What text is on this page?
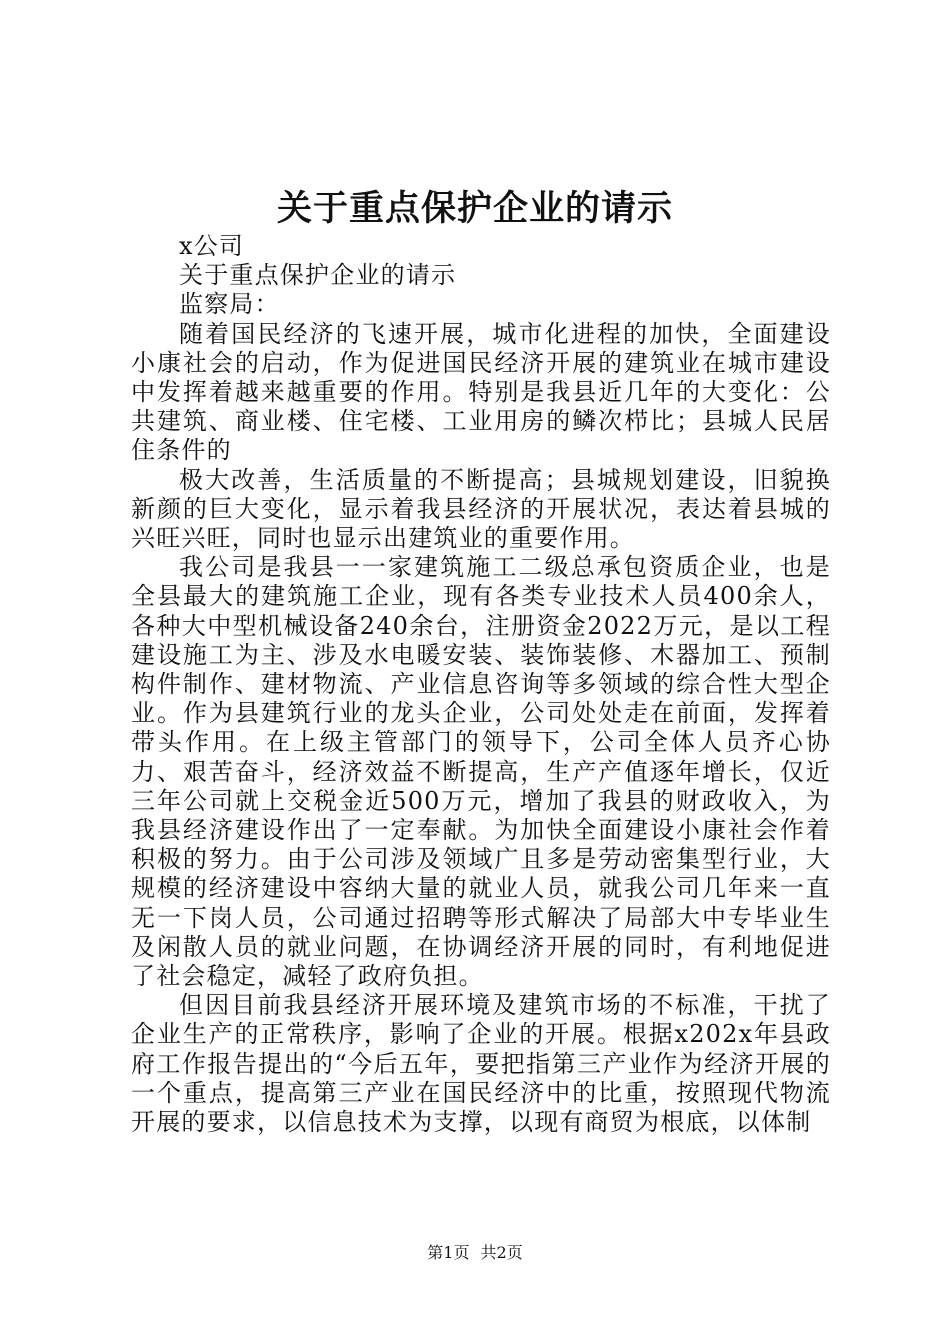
关于重点保护企业的请示

x公司

关于重点保护企业的请示

监察局：

随着国民经济的飞速开展，城市化进程的加快，全面建设小康社会的启动，作为促进国民经济开展的建筑业在城市建设中发挥着越来越重要的作用。特别是我县近几年的大变化：公共建筑、商业楼、住宅楼、工业用房的鳞次栉比；县城人民居住条件的

极大改善，生活质量的不断提高；县城规划建设，旧貌换新颜的巨大变化，显示着我县经济的开展状况，表达着县城的兴旺兴旺，同时也显示出建筑业的重要作用。

我公司是我县一一家建筑施工二级总承包资质企业，也是全县最大的建筑施工企业，现有各类专业技术人员400余人，各种大中型机械设备240余台，注册资金2022万元，是以工程建设施工为主、涉及水电暖安装、装饰装修、木器加工、预制构件制作、建材物流、产业信息咨询等多领域的综合性大型企业。作为县建筑行业的龙头企业，公司处处走在前面，发挥着带头作用。在上级主管部门的领导下，公司全体人员齐心协力、艰苦奋斗，经济效益不断提高，生产产值逐年增长，仅近三年公司就上交税金近500万元，增加了我县的财政收入，为我县经济建设作出了一定奉献。为加快全面建设小康社会作着积极的努力。由于公司涉及领域广且多是劳动密集型行业，大规模的经济建设中容纳大量的就业人员，就我公司几年来一直无一下岗人员，公司通过招聘等形式解决了局部大中专毕业生及闲散人员的就业问题，在协调经济开展的同时，有利地促进了社会稳定，减轻了政府负担。

但因目前我县经济开展环境及建筑市场的不标准，干扰了企业生产的正常秩序，影响了企业的开展。根据x202x年县政府工作报告提出的“今后五年，要把指第三产业作为经济开展的一个重点，提高第三产业在国民经济中的比重，按照现代物流开展的要求，以信息技术为支撑，以现有商贸为根底，以体制

第1页 共2页
